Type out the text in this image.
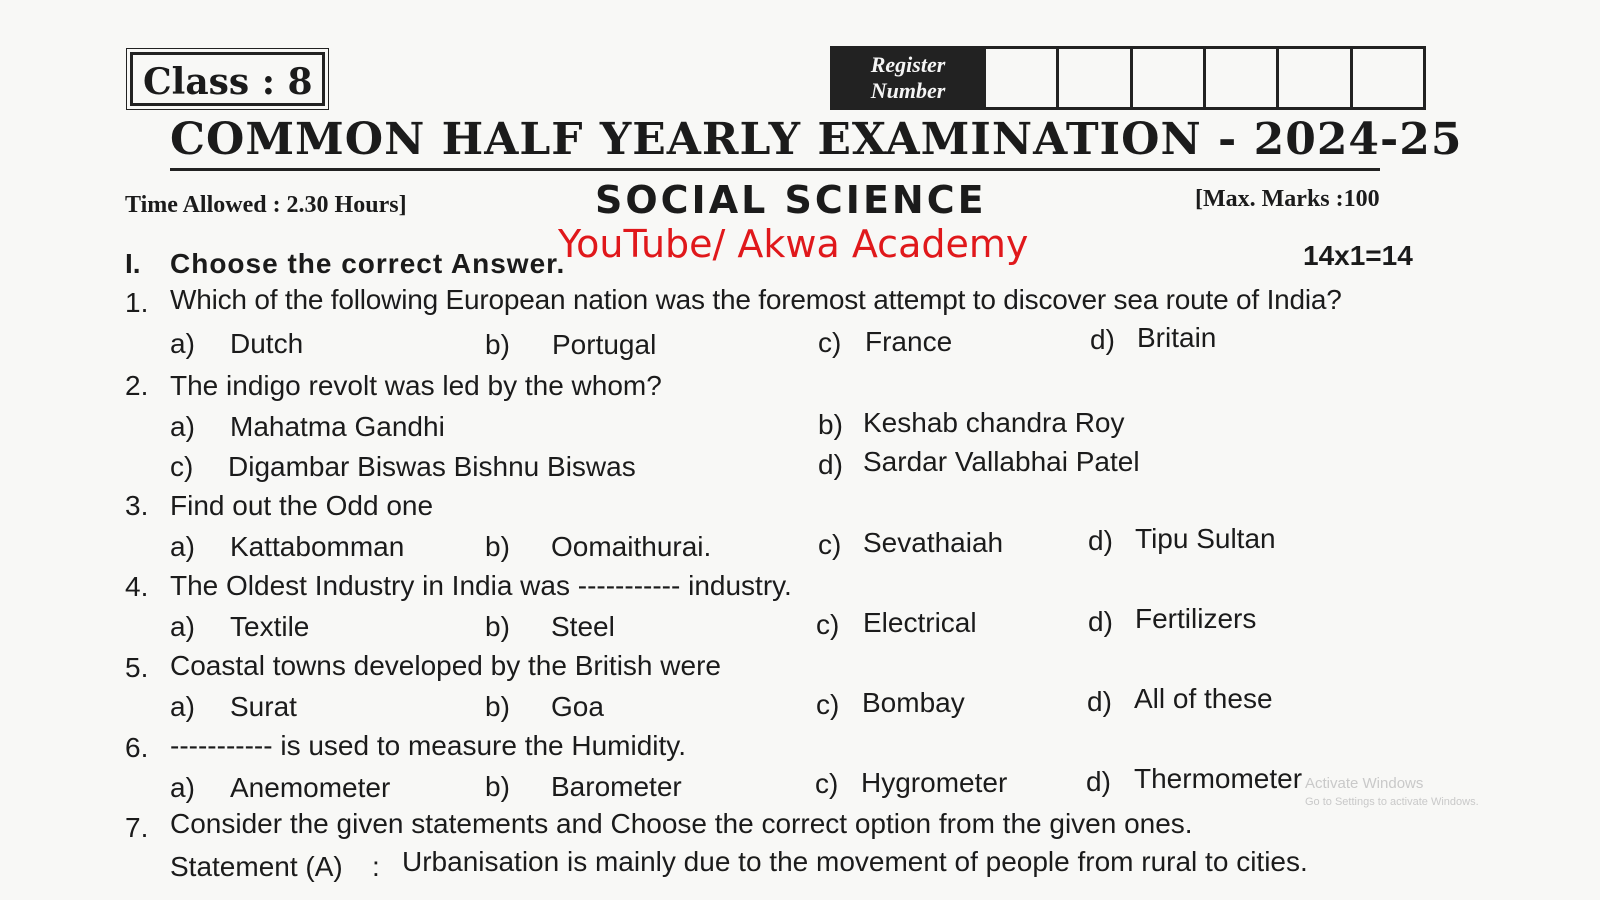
Class : 8	Register
Number
COMMON HALF YEARLY EXAMINATION - 2024-25
Time Allowed : 2.30 Hours]	SOCIAL SCIENCE	[Max. Marks :100
I. Choose the correct Answer.	14x1=14
YouTube/ Akwa Academy
1. Which of the following European nation was the foremost attempt to discover sea route of India?
a) Dutch	b) Portugal	c) France	d) Britain
2. The indigo revolt was led by the whom?
a) Mahatma Gandhi	b) Keshab chandra Roy
c) Digambar Biswas Bishnu Biswas	d) Sardar Vallabhai Patel
3. Find out the Odd one
a) Kattabomman	b) Oomaithurai.	c) Sevathaiah	d) Tipu Sultan
4. The Oldest Industry in India was ----------- industry.
a) Textile	b) Steel	c) Electrical	d) Fertilizers
5. Coastal towns developed by the British were
a) Surat	b) Goa	c) Bombay	d) All of these
6. ----------- is used to measure the Humidity.
a) Anemometer	b) Barometer	c) Hygrometer	d) Thermometer
7. Consider the given statements and Choose the correct option from the given ones.
Statement (A) : Urbanisation is mainly due to the movement of people from rural to cities.
Activate Windows
Go to Settings to activate Windows.
